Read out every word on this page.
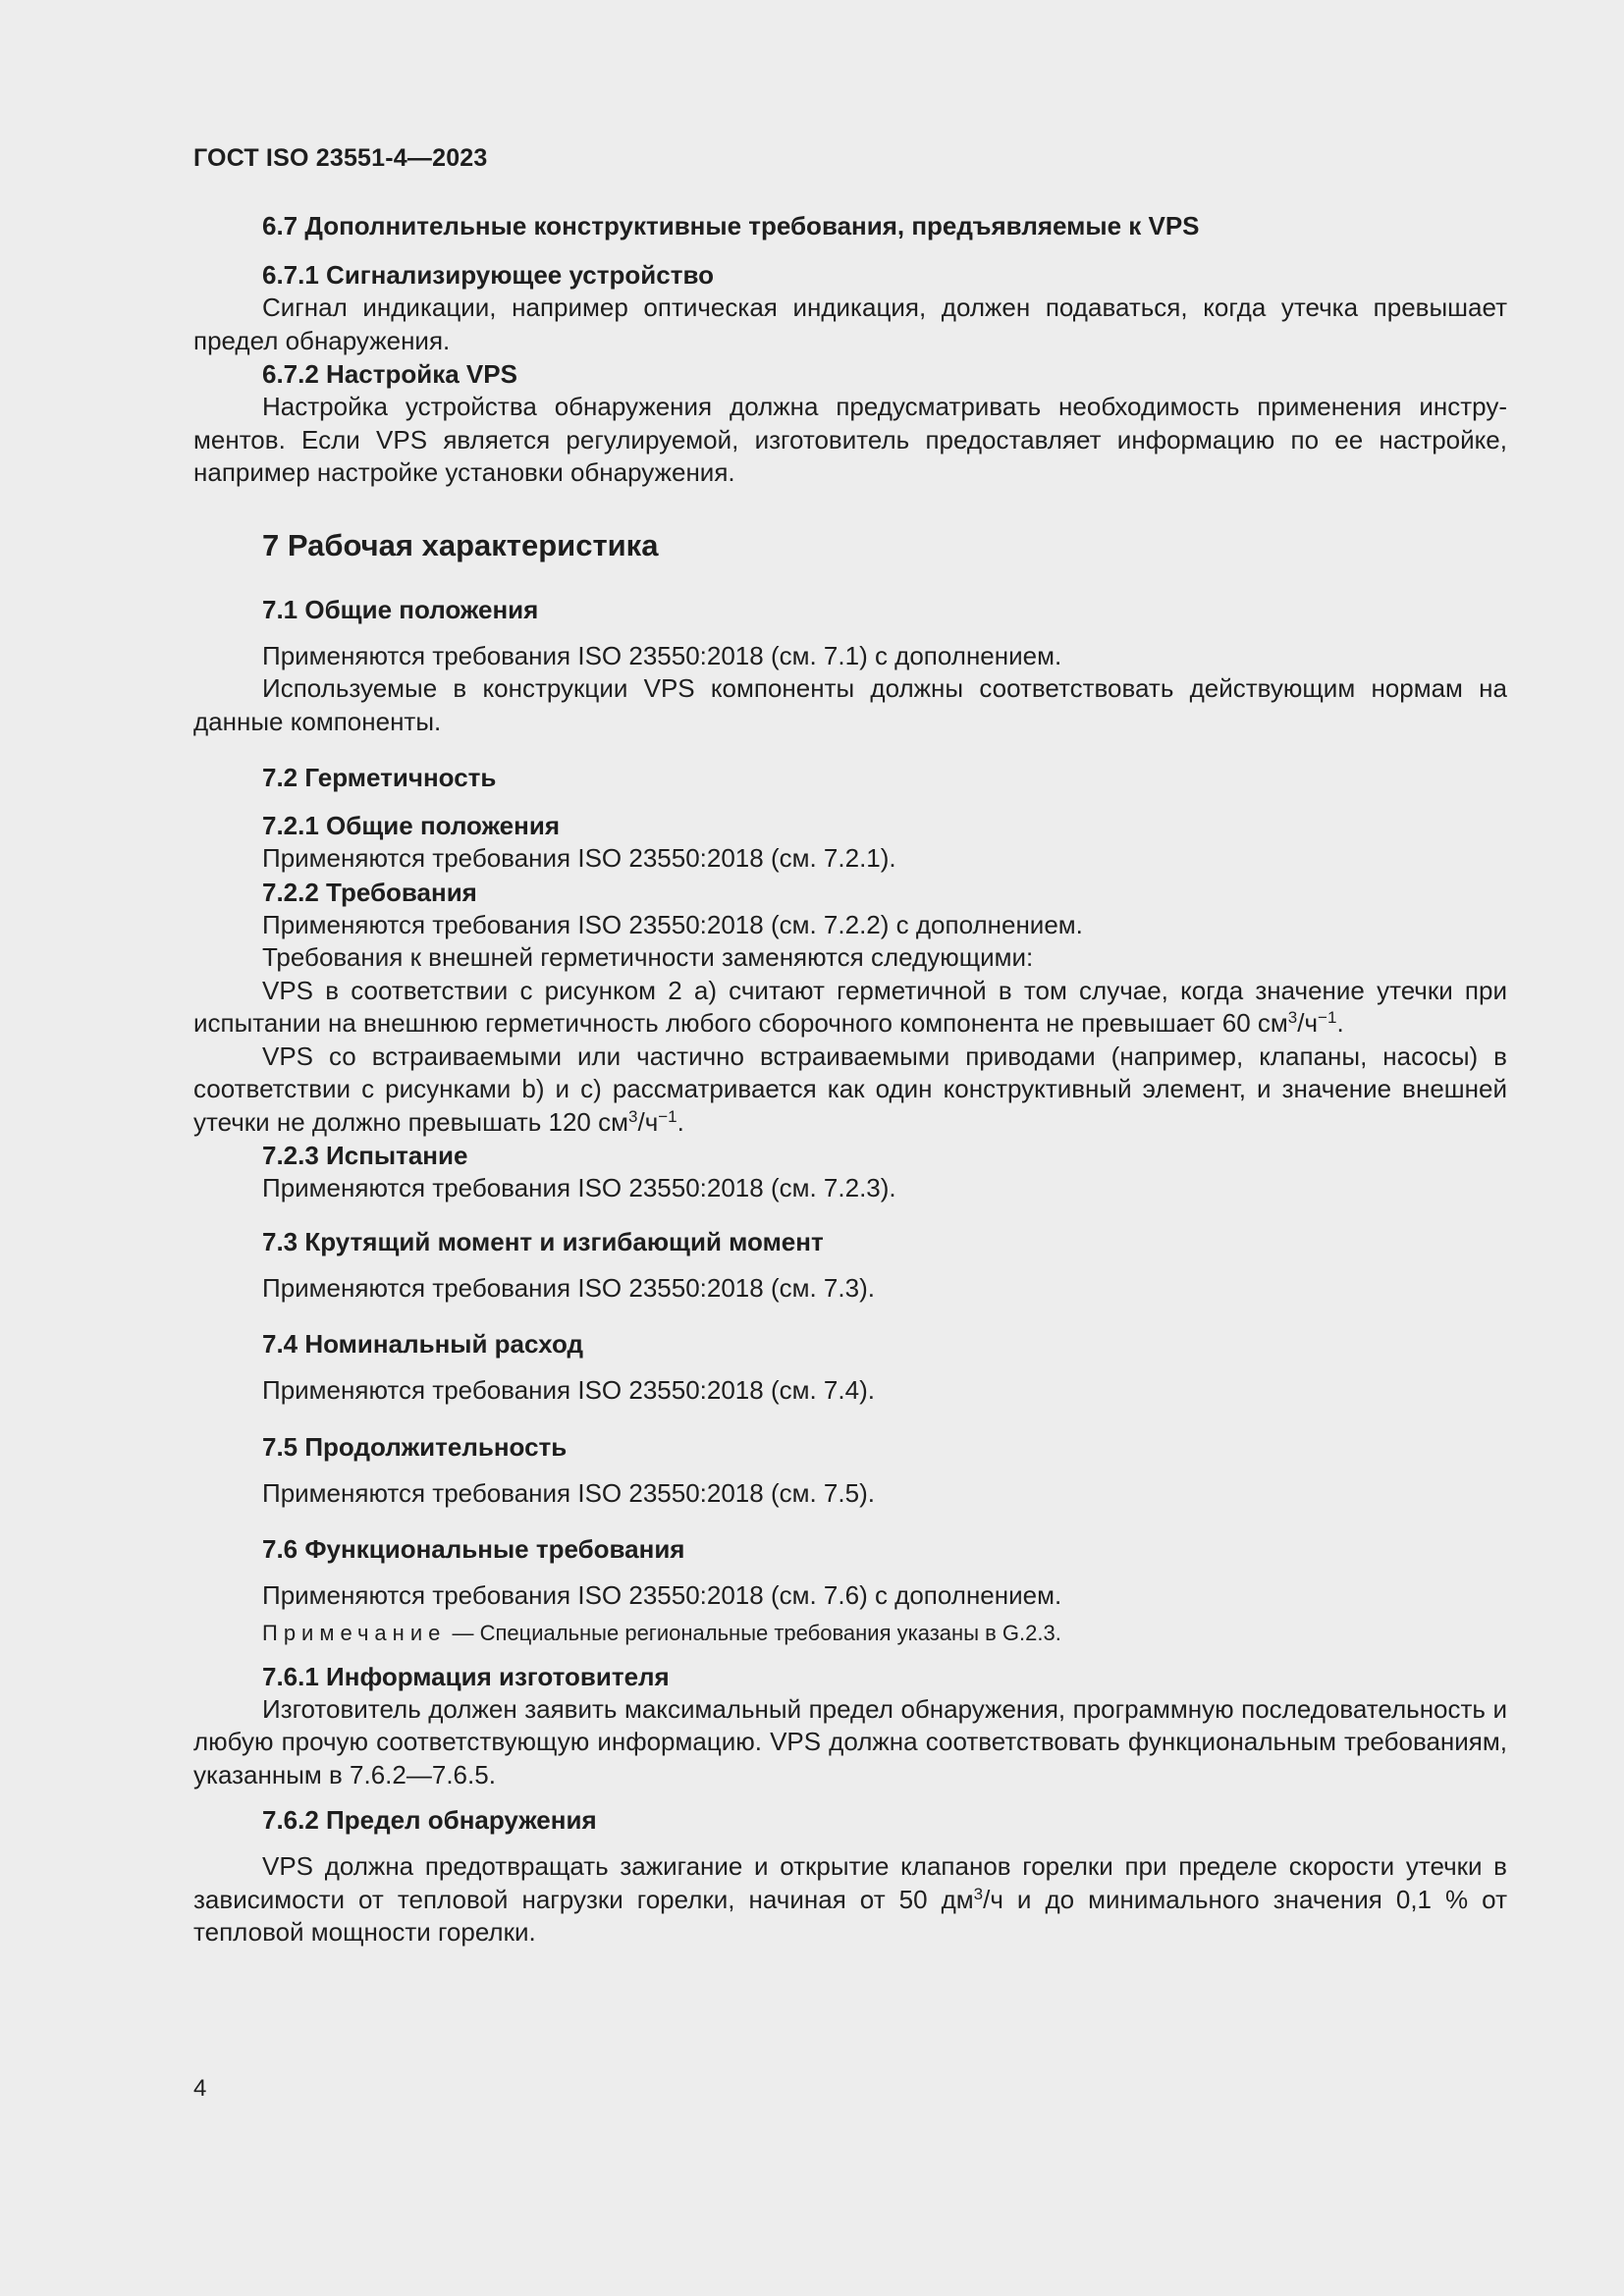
ГОСТ ISO 23551-4—2023

6.7 Дополнительные конструктивные требования, предъявляемые к VPS

6.7.1 Сигнализирующее устройство

Сигнал индикации, например оптическая индикация, должен подаваться, когда утечка превышает предел обнаружения.

6.7.2 Настройка VPS

Настройка устройства обнаружения должна предусматривать необходимость применения инструментов. Если VPS является регулируемой, изготовитель предоставляет информацию по ее настройке, например настройке установки обнаружения.

7 Рабочая характеристика

7.1 Общие положения

Применяются требования ISO 23550:2018 (см. 7.1) с дополнением.

Используемые в конструкции VPS компоненты должны соответствовать действующим нормам на данные компоненты.

7.2 Герметичность

7.2.1 Общие положения

Применяются требования ISO 23550:2018 (см. 7.2.1).

7.2.2 Требования

Применяются требования ISO 23550:2018 (см. 7.2.2) с дополнением.

Требования к внешней герметичности заменяются следующими:

VPS в соответствии с рисунком 2 а) считают герметичной в том случае, когда значение утечки при испытании на внешнюю герметичность любого сборочного компонента не превышает 60 $см^3/ч^{-1}$.

VPS со встраиваемыми или частично встраиваемыми приводами (например, клапаны, насосы) в соответствии с рисунками b) и с) рассматривается как один конструктивный элемент, и значение внешней утечки не должно превышать 120 $см^3/ч^{-1}$.

7.2.3 Испытание

Применяются требования ISO 23550:2018 (см. 7.2.3).

7.3 Крутящий момент и изгибающий момент

Применяются требования ISO 23550:2018 (см. 7.3).

7.4 Номинальный расход

Применяются требования ISO 23550:2018 (см. 7.4).

7.5 Продолжительность

Применяются требования ISO 23550:2018 (см. 7.5).

7.6 Функциональные требования

Применяются требования ISO 23550:2018 (см. 7.6) с дополнением.

Примечание — Специальные региональные требования указаны в G.2.3.

7.6.1 Информация изготовителя

Изготовитель должен заявить максимальный предел обнаружения, программную последовательность и любую прочую соответствующую информацию. VPS должна соответствовать функциональным требованиям, указанным в 7.6.2—7.6.5.

7.6.2 Предел обнаружения

VPS должна предотвращать зажигание и открытие клапанов горелки при пределе скорости утечки в зависимости от тепловой нагрузки горелки, начиная от 50 $дм^3/ч$ и до минимального значения 0,1 % от тепловой мощности горелки.

4
